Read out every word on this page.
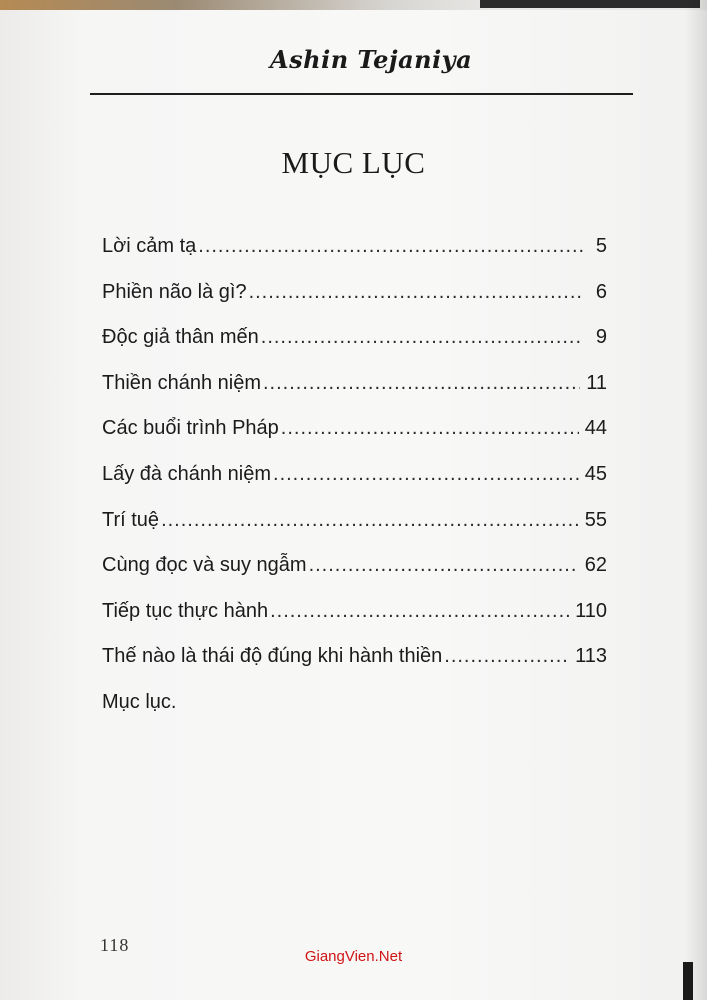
Ashin Tejaniya
MỤC LỤC
Lời cảm tạ .....	5
Phiền não là gì? .....	6
Độc giả thân mến .....	9
Thiền chánh niệm .....	11
Các buổi trình Pháp .....	44
Lấy đà chánh niệm .....	45
Trí tuệ .....	55
Cùng đọc và suy ngẫm .....	62
Tiếp tục thực hành .....	110
Thế nào là thái độ đúng khi hành thiền .....	113
Mục lục.
118
GiangVien.Net
